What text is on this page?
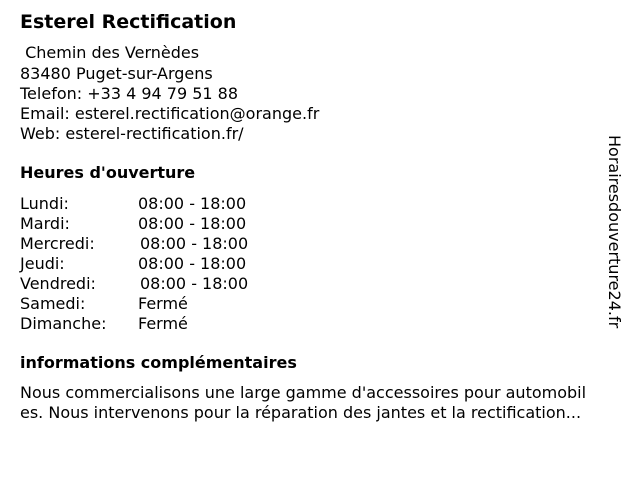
Esterel Rectification
Chemin des Vernèdes
83480 Puget-sur-Argens
Telefon: +33 4 94 79 51 88
Email: esterel.rectification@orange.fr
Web: esterel-rectification.fr/
Heures d'ouverture
Lundi:	08:00 - 18:00
Mardi:	08:00 - 18:00
Mercredi:	08:00 - 18:00
Jeudi:	08:00 - 18:00
Vendredi:	08:00 - 18:00
Samedi:	Fermé
Dimanche: Fermé
informations complémentaires
Nous commercialisons une large gamme d'accessoires pour automobil
es. Nous intervenons pour la réparation des jantes et la rectification...
Horairesdouverture24.fr
